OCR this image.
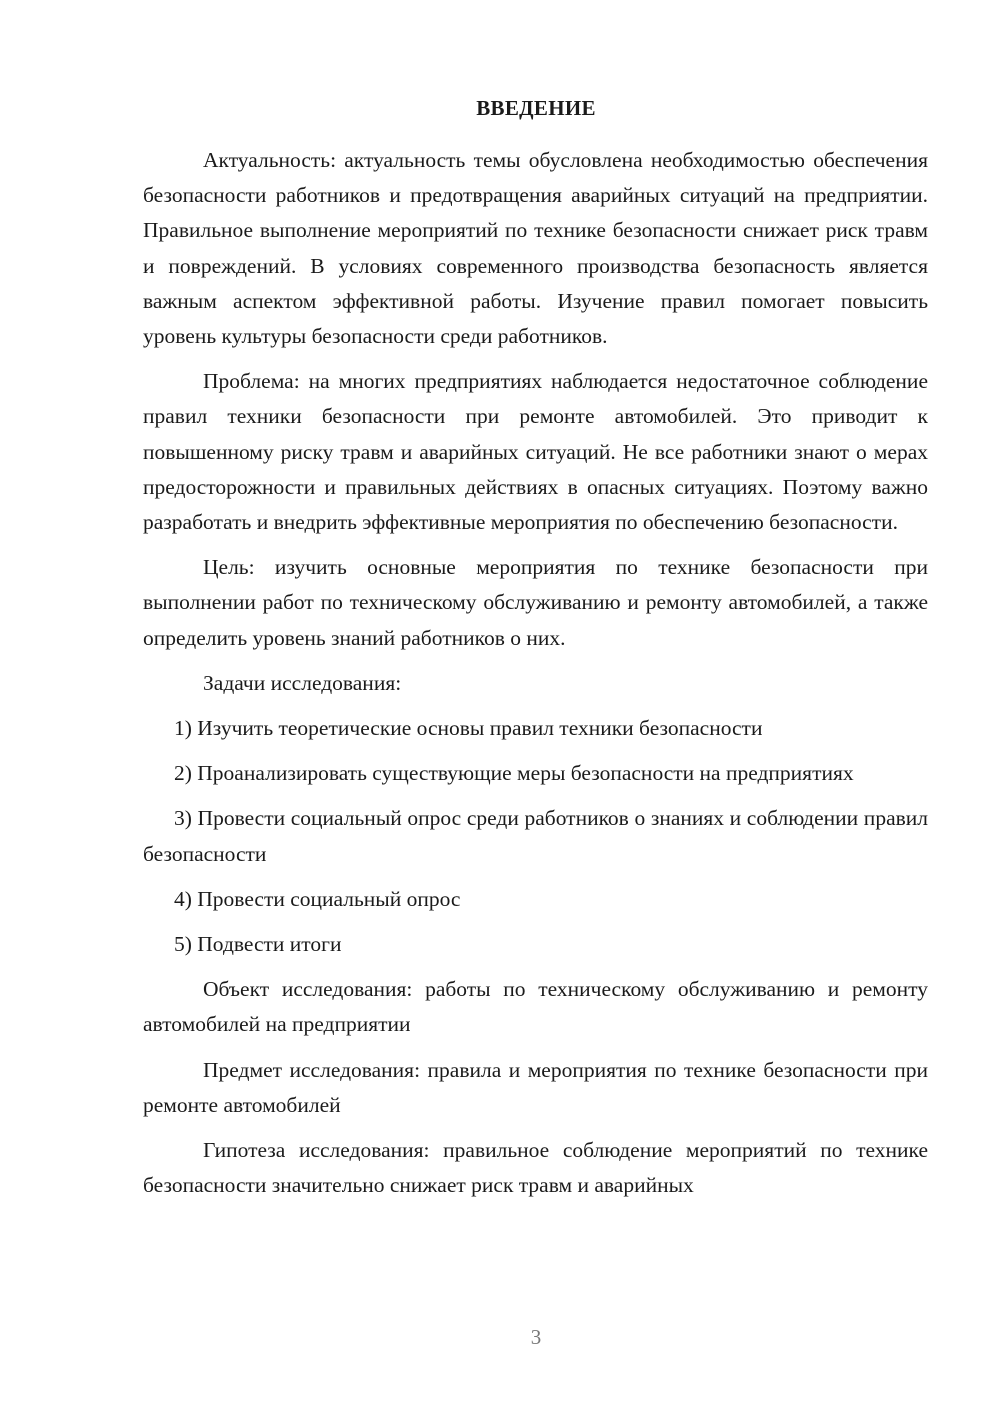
ВВЕДЕНИЕ

Актуальность: актуальность темы обусловлена необходимостью обеспечения безопасности работников и предотвращения аварийных ситуаций на предприятии. Правильное выполнение мероприятий по технике безопасности снижает риск травм и повреждений. В условиях современного производства безопасность является важным аспектом эффективной работы. Изучение правил помогает повысить уровень культуры безопасности среди работников.

Проблема: на многих предприятиях наблюдается недостаточное соблюдение правил техники безопасности при ремонте автомобилей. Это приводит к повышенному риску травм и аварийных ситуаций. Не все работники знают о мерах предосторожности и правильных действиях в опасных ситуациях. Поэтому важно разработать и внедрить эффективные мероприятия по обеспечению безопасности.

Цель: изучить основные мероприятия по технике безопасности при выполнении работ по техническому обслуживанию и ремонту автомобилей, а также определить уровень знаний работников о них.

Задачи исследования:

1) Изучить теоретические основы правил техники безопасности

2) Проанализировать существующие меры безопасности на предприятиях

3) Провести социальный опрос среди работников о знаниях и соблюдении правил безопасности

4) Провести социальный опрос

5) Подвести итоги

Объект исследования: работы по техническому обслуживанию и ремонту автомобилей на предприятии

Предмет исследования: правила и мероприятия по технике безопасности при ремонте автомобилей

Гипотеза исследования: правильное соблюдение мероприятий по технике безопасности значительно снижает риск травм и аварийных

3
